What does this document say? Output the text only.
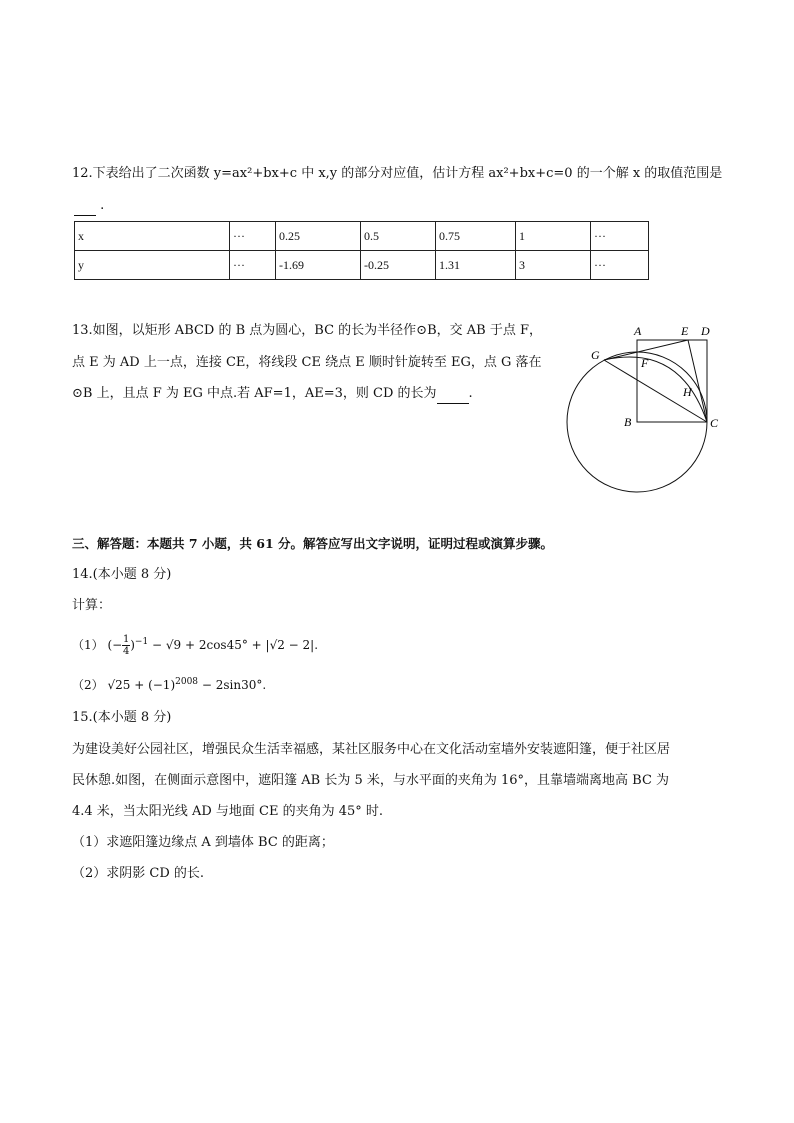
12.下表给出了二次函数 y=ax²+bx+c 中 x,y 的部分对应值，估计方程 ax²+bx+c=0 的一个解 x 的取值范围是
.
x	···	0.25	0.5	0.75	1	···
y	···	-1.69	-0.25	1.31	3	···
13.如图，以矩形 ABCD 的 B 点为圆心，BC 的长为半径作⊙B，交 AB 于点 F，
点 E 为 AD 上一点，连接 CE，将线段 CE 绕点 E 顺时针旋转至 EG，点 G 落在
⊙B 上，且点 F 为 EG 中点.若 AF=1，AE=3，则 CD 的长为 .
A	E D
G
F
H
B	C
三、解答题：本题共 7 小题，共 61 分。解答应写出文字说明，证明过程或演算步骤。
14.(本小题 8 分)
计算：
（1） (− $\frac{1}{4} )^{-1} - √9 + 2\cos 45^\circ + |√2 - 2|$.
（2） $√25 + (-1)^{2008} - 2\sin 30^\circ$.
15.(本小题 8 分)
为建设美好公园社区，增强民众生活幸福感，某社区服务中心在文化活动室墙外安装遮阳篷，便于社区居
民休憩.如图，在侧面示意图中，遮阳篷 AB 长为 5 米，与水平面的夹角为 16°，且靠墙端离地高 BC 为
4.4 米，当太阳光线 AD 与地面 CE 的夹角为 45° 时.
（1）求遮阳篷边缘点 A 到墙体 BC 的距离；
（2）求阴影 CD 的长.
